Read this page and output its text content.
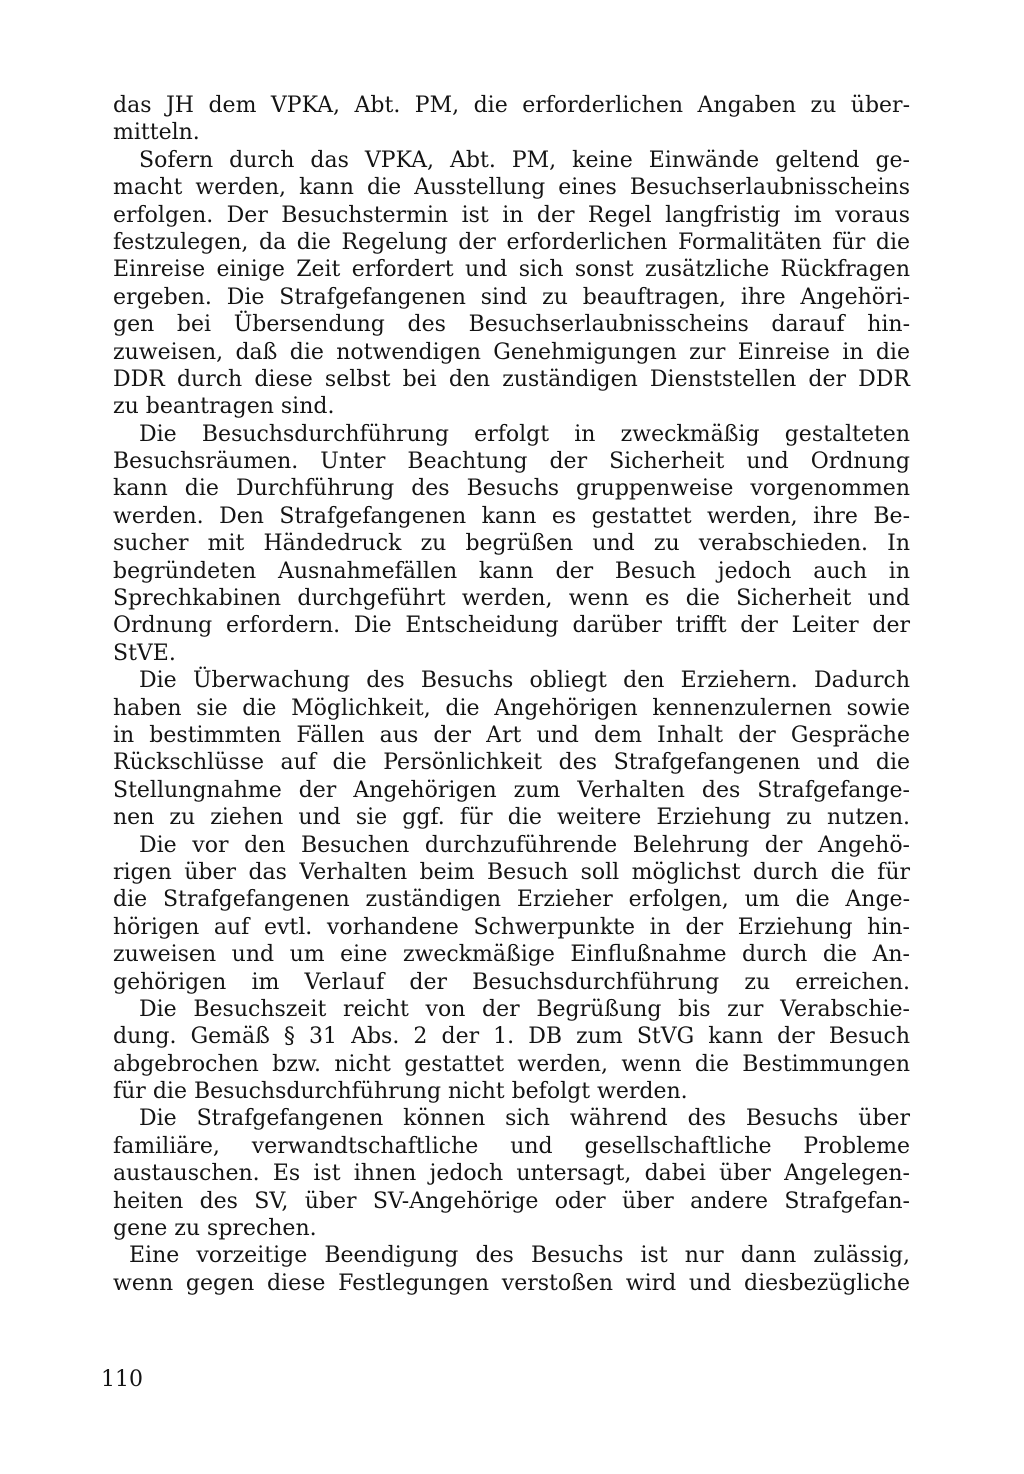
das JH dem VPKA, Abt. PM, die erforderlichen Angaben zu über-
mitteln.
Sofern durch das VPKA, Abt. PM, keine Einwände geltend ge-
macht werden, kann die Ausstellung eines Besuchserlaubnisscheins
erfolgen. Der Besuchstermin ist in der Regel langfristig im voraus
festzulegen, da die Regelung der erforderlichen Formalitäten für die
Einreise einige Zeit erfordert und sich sonst zusätzliche Rückfragen
ergeben. Die Strafgefangenen sind zu beauftragen, ihre Angehöri-
gen bei Übersendung des Besuchserlaubnisscheins darauf hin-
zuweisen, daß die notwendigen Genehmigungen zur Einreise in die
DDR durch diese selbst bei den zuständigen Dienststellen der DDR
zu beantragen sind.
Die Besuchsdurchführung erfolgt in zweckmäßig gestalteten
Besuchsräumen. Unter Beachtung der Sicherheit und Ordnung
kann die Durchführung des Besuchs gruppenweise vorgenommen
werden. Den Strafgefangenen kann es gestattet werden, ihre Be-
sucher mit Händedruck zu begrüßen und zu verabschieden. In
begründeten Ausnahmefällen kann der Besuch jedoch auch in
Sprechkabinen durchgeführt werden, wenn es die Sicherheit und
Ordnung erfordern. Die Entscheidung darüber trifft der Leiter der
StVE.
Die Überwachung des Besuchs obliegt den Erziehern. Dadurch
haben sie die Möglichkeit, die Angehörigen kennenzulernen sowie
in bestimmten Fällen aus der Art und dem Inhalt der Gespräche
Rückschlüsse auf die Persönlichkeit des Strafgefangenen und die
Stellungnahme der Angehörigen zum Verhalten des Strafgefange-
nen zu ziehen und sie ggf. für die weitere Erziehung zu nutzen.
Die vor den Besuchen durchzuführende Belehrung der Angehö-
rigen über das Verhalten beim Besuch soll möglichst durch die für
die Strafgefangenen zuständigen Erzieher erfolgen, um die Ange-
hörigen auf evtl. vorhandene Schwerpunkte in der Erziehung hin-
zuweisen und um eine zweckmäßige Einflußnahme durch die An-
gehörigen im Verlauf der Besuchsdurchführung zu erreichen.
Die Besuchszeit reicht von der Begrüßung bis zur Verabschie-
dung. Gemäß § 31 Abs. 2 der 1. DB zum StVG kann der Besuch
abgebrochen bzw. nicht gestattet werden, wenn die Bestimmungen
für die Besuchsdurchführung nicht befolgt werden.
Die Strafgefangenen können sich während des Besuchs über
familiäre, verwandtschaftliche und gesellschaftliche Probleme
austauschen. Es ist ihnen jedoch untersagt, dabei über Angelegen-
heiten des SV, über SV-Angehörige oder über andere Strafgefan-
gene zu sprechen.
Eine vorzeitige Beendigung des Besuchs ist nur dann zulässig,
wenn gegen diese Festlegungen verstoßen wird und diesbezügliche
110
